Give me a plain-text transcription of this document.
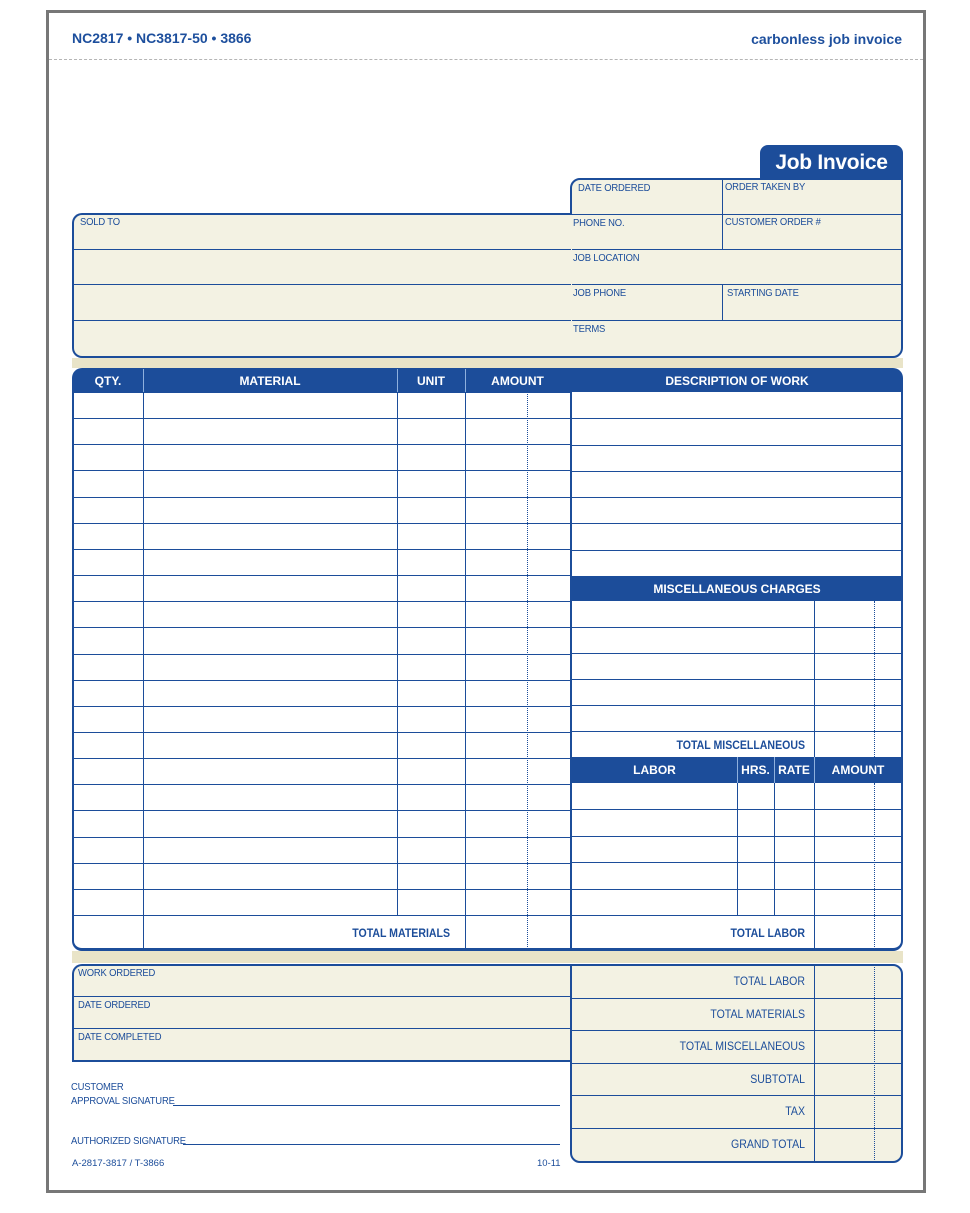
NC2817 • NC3817-50 • 3866	carbonless job invoice
Job Invoice
DATE ORDERED	ORDER TAKEN BY
PHONE NO.	CUSTOMER ORDER #
JOB LOCATION
JOB PHONE	STARTING DATE
TERMS
SOLD TO
QTY.	MATERIAL	UNIT	AMOUNT	DESCRIPTION OF WORK
TOTAL MATERIALS
MISCELLANEOUS CHARGES
TOTAL MISCELLANEOUS
LABOR	HRS. RATE	AMOUNT
TOTAL LABOR
WORK ORDERED
DATE ORDERED
DATE COMPLETED
CUSTOMER
APPROVAL SIGNATURE
AUTHORIZED SIGNATURE
A-2817-3817 / T-3866	10-11
TOTAL LABOR
TOTAL MATERIALS
TOTAL MISCELLANEOUS
SUBTOTAL
TAX
GRAND TOTAL
